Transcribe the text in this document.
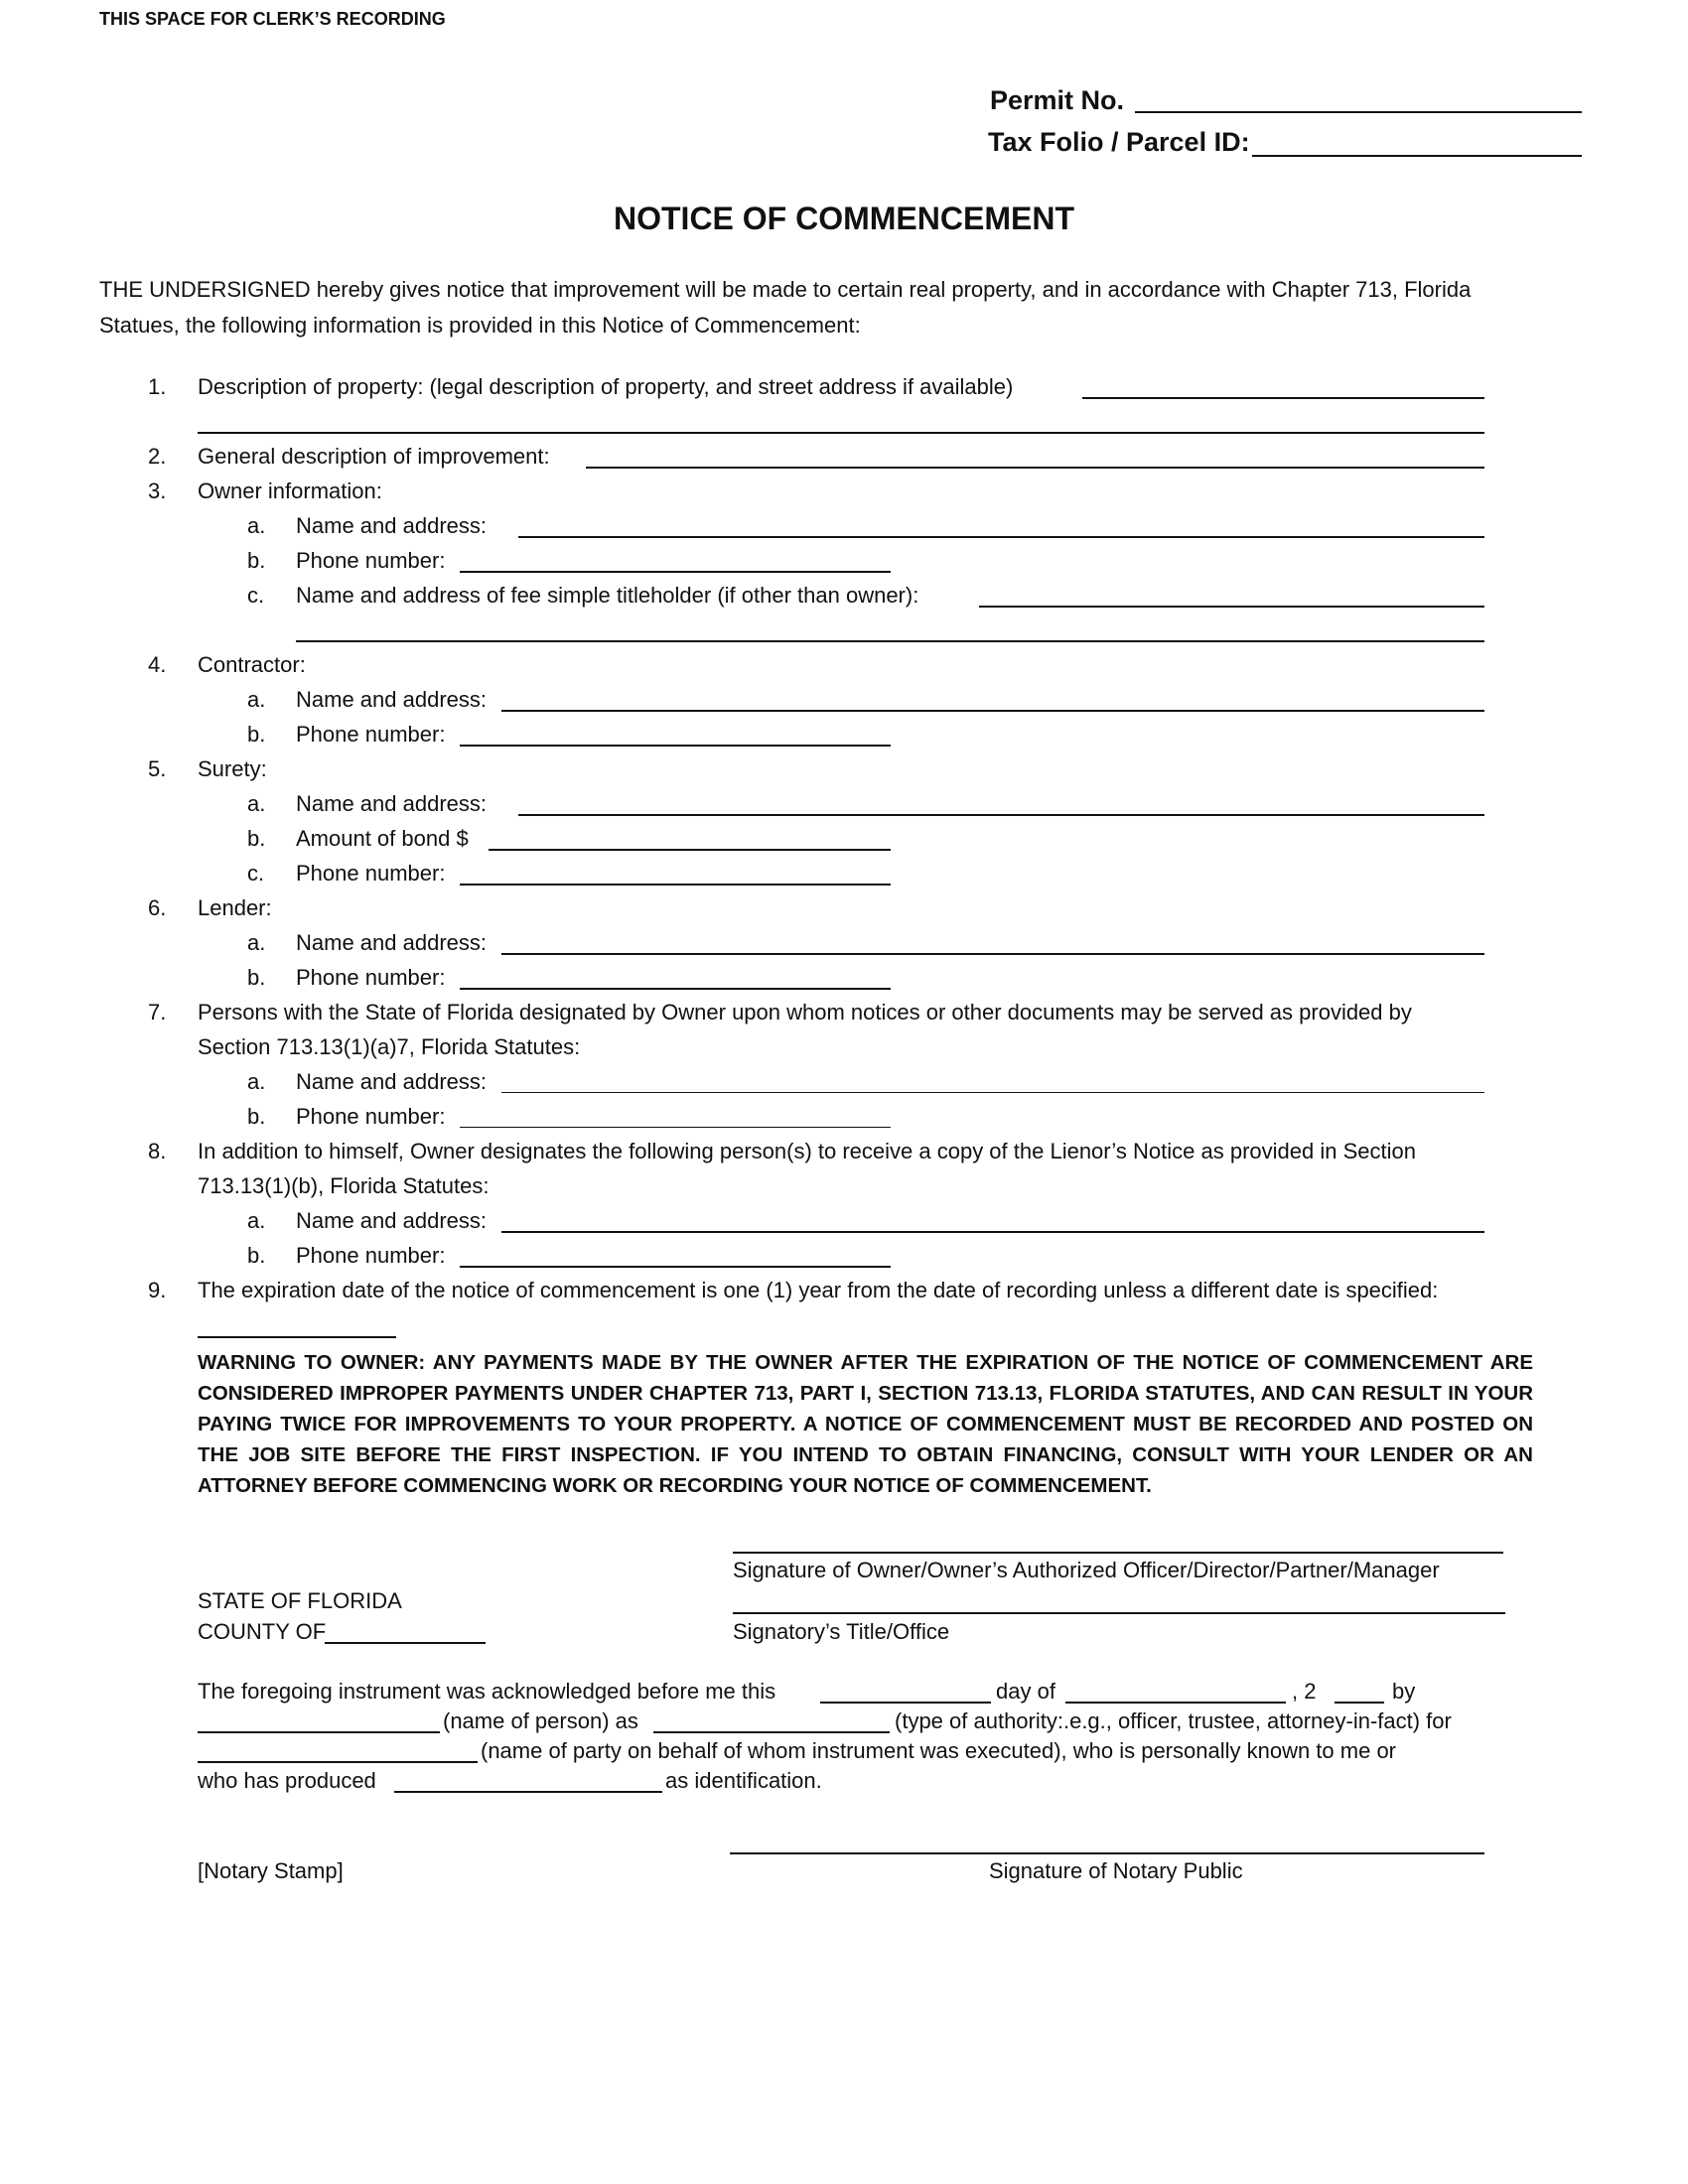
THIS SPACE FOR CLERK’S RECORDING
Permit No.
Tax Folio / Parcel ID:
NOTICE OF COMMENCEMENT
THE UNDERSIGNED hereby gives notice that improvement will be made to certain real property, and in accordance with Chapter 713, Florida
Statues, the following information is provided in this Notice of Commencement:
1. Description of property: (legal description of property, and street address if available)
2. General description of improvement:
3. Owner information:
a. Name and address:
b. Phone number:
c. Name and address of fee simple titleholder (if other than owner):
4. Contractor:
a. Name and address:
b. Phone number:
5. Surety:
a. Name and address:
b. Amount of bond $
c. Phone number:
6. Lender:
a. Name and address:
b. Phone number:
7. Persons with the State of Florida designated by Owner upon whom notices or other documents may be served as provided by
Section 713.13(1)(a)7, Florida Statutes:
a. Name and address:
b. Phone number:
8. In addition to himself, Owner designates the following person(s) to receive a copy of the Lienor’s Notice as provided in Section
713.13(1)(b), Florida Statutes:
a. Name and address:
b. Phone number:
9. The expiration date of the notice of commencement is one (1) year from the date of recording unless a different date is specified:
WARNING TO OWNER: ANY PAYMENTS MADE BY THE OWNER AFTER THE EXPIRATION OF THE NOTICE OF COMMENCEMENT ARE CONSIDERED IMPROPER PAYMENTS UNDER CHAPTER 713, PART I, SECTION 713.13, FLORIDA STATUTES, AND CAN RESULT IN YOUR PAYING TWICE FOR IMPROVEMENTS TO YOUR PROPERTY. A NOTICE OF COMMENCEMENT MUST BE RECORDED AND POSTED ON THE JOB SITE BEFORE THE FIRST INSPECTION. IF YOU INTEND TO OBTAIN FINANCING, CONSULT WITH YOUR LENDER OR AN ATTORNEY BEFORE COMMENCING WORK OR RECORDING YOUR NOTICE OF COMMENCEMENT.
Signature of Owner/Owner’s Authorized Officer/Director/Partner/Manager
STATE OF FLORIDA
COUNTY OF	Signatory’s Title/Office
The foregoing instrument was acknowledged before me this	day of	, 2	by
(name of person) as	(type of authority:.e.g., officer, trustee, attorney-in-fact) for
(name of party on behalf of whom instrument was executed), who is personally known to me or
who has produced	as identification.
[Notary Stamp]	Signature of Notary Public
